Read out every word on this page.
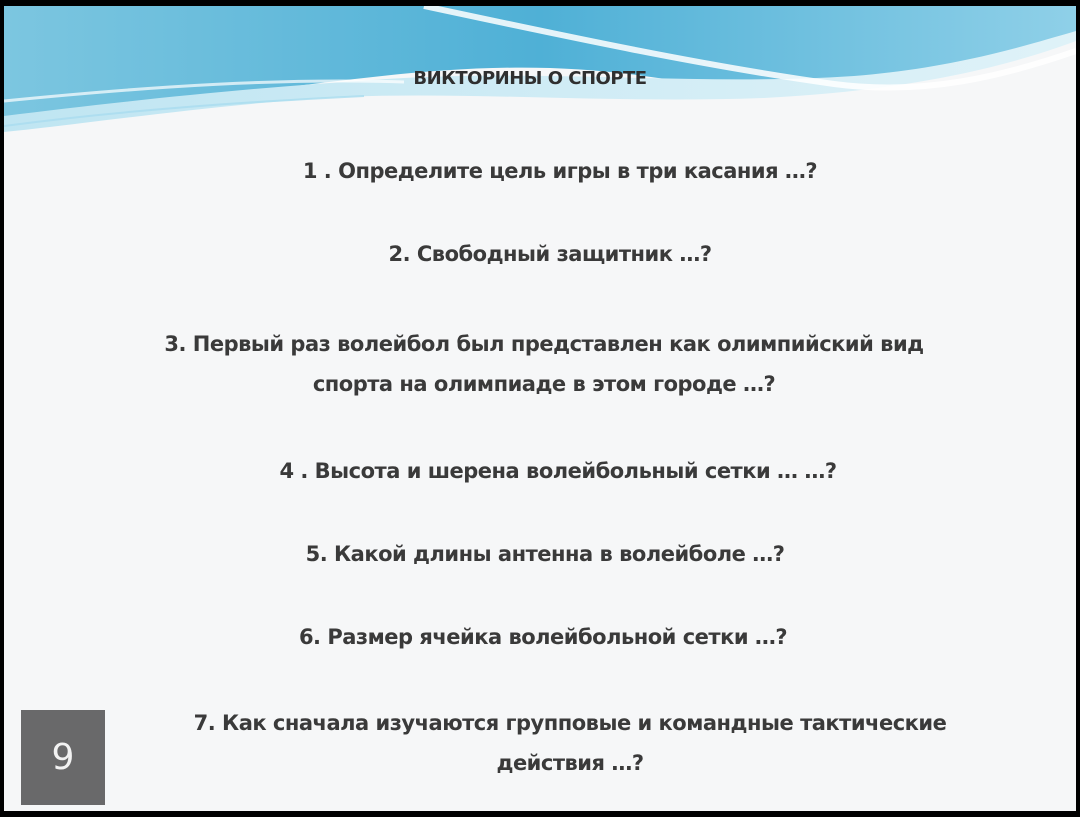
ВИКТОРИНЫ О СПОРТЕ
1 . Определите цель игры в три касания …?
2. Свободный защитник …?
3. Первый раз волейбол был представлен как олимпийский вид
спорта на олимпиаде в этом городе …?
4 . Высота и шерена волейбольный сетки … …?
5. Какой длины антенна в волейболе …?
6. Размер ячейка волейбольной сетки …?
7. Как сначала изучаются групповые и командные тактические
действия …?
9
